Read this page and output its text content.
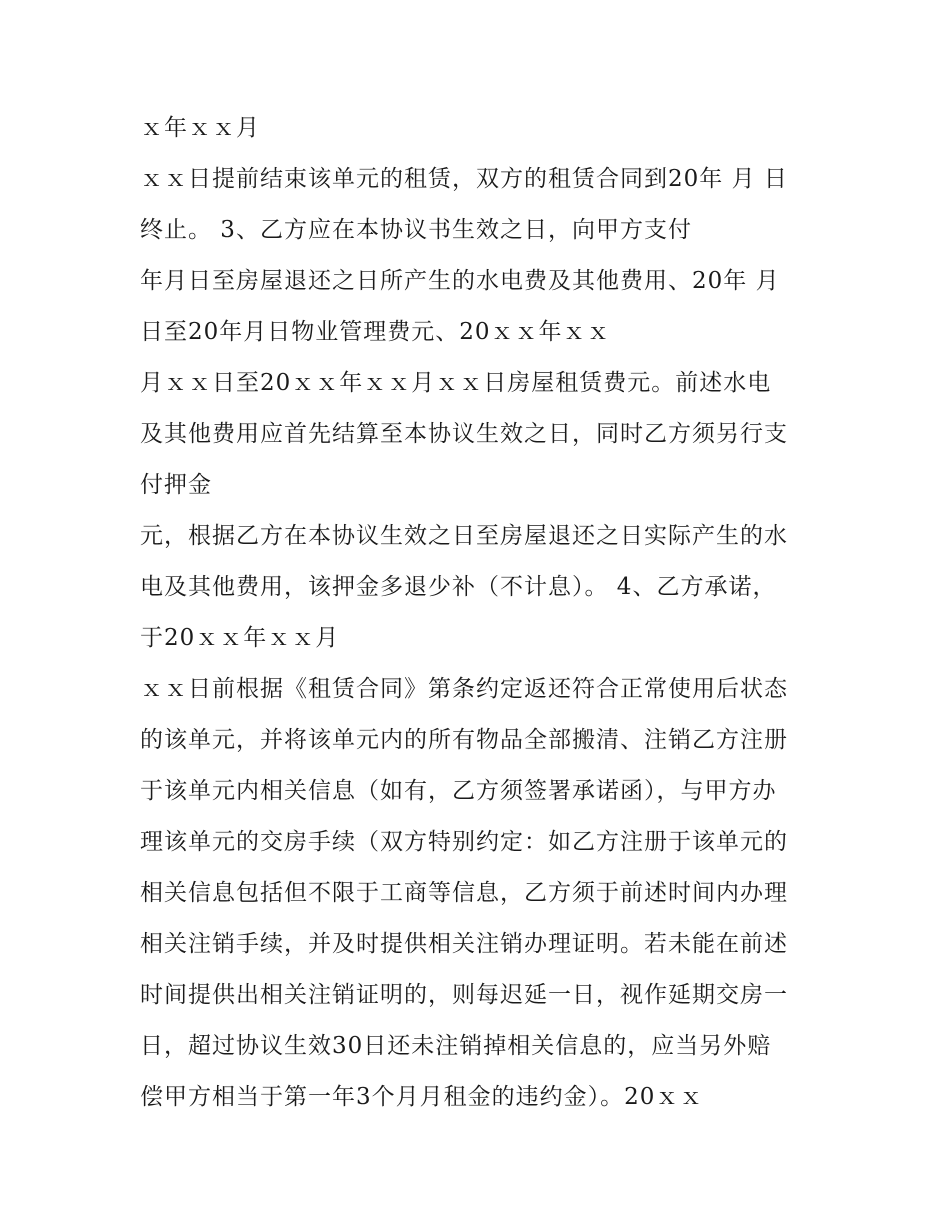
ｘ年ｘｘ月
ｘｘ日提前结束该单元的租赁，双方的租赁合同到20年 月 日
终止。 3、乙方应在本协议书生效之日，向甲方支付
年月日至房屋退还之日所产生的水电费及其他费用、20年 月
日至20年月日物业管理费元、20ｘｘ年ｘｘ
月ｘｘ日至20ｘｘ年ｘｘ月ｘｘ日房屋租赁费元。前述水电
及其他费用应首先结算至本协议生效之日，同时乙方须另行支
付押金
元，根据乙方在本协议生效之日至房屋退还之日实际产生的水
电及其他费用，该押金多退少补（不计息）。 4、乙方承诺，
于20ｘｘ年ｘｘ月
ｘｘ日前根据《租赁合同》第条约定返还符合正常使用后状态
的该单元，并将该单元内的所有物品全部搬清、注销乙方注册
于该单元内相关信息（如有，乙方须签署承诺函），与甲方办
理该单元的交房手续（双方特别约定：如乙方注册于该单元的
相关信息包括但不限于工商等信息，乙方须于前述时间内办理
相关注销手续，并及时提供相关注销办理证明。若未能在前述
时间提供出相关注销证明的，则每迟延一日，视作延期交房一
日，超过协议生效30日还未注销掉相关信息的，应当另外赔
偿甲方相当于第一年3个月月租金的违约金）。20ｘｘ
